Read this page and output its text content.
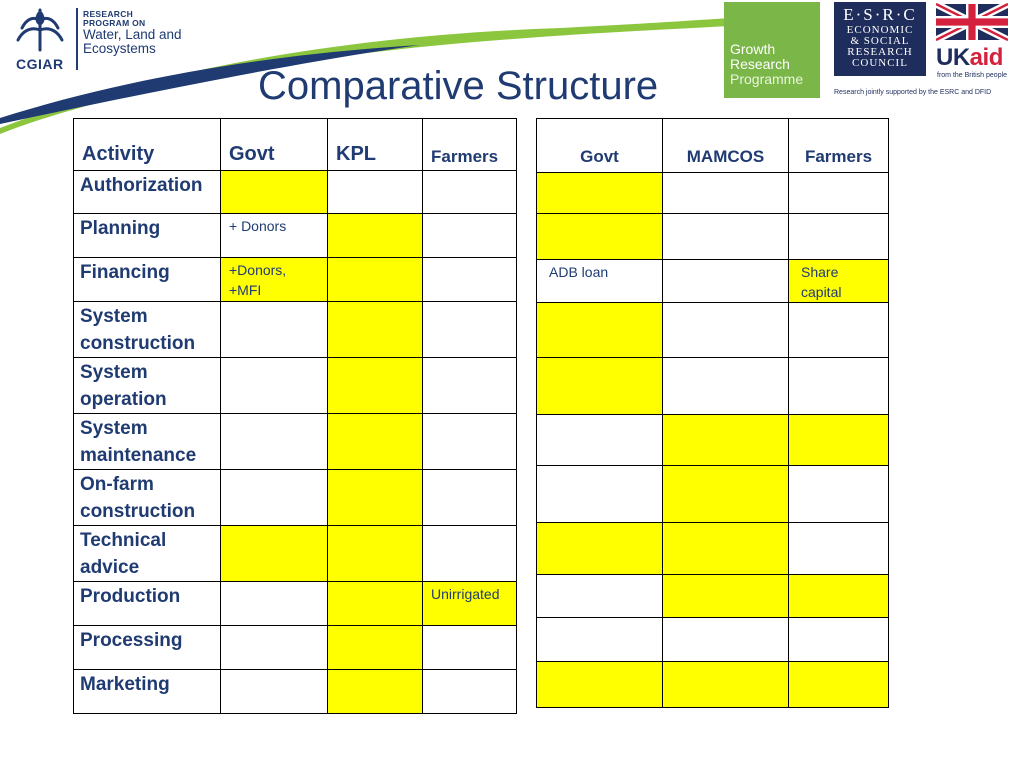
CGIAR
RESEARCH
PROGRAM ON
Water, Land and
Ecosystems
Comparative Structure
Growth
Research
Programme
E·S·R·C
ECONOMIC
& SOCIAL
RESEARCH
COUNCIL	UKaid
from the British people
Research jointly supported by the ESRC and DFID
Activity	Govt	KPL	Farmers

Authorization			

Planning	+ Donors		

Financing	+Donors,
+MFI		

System construction			

System operation			

System maintenance			

On-farm construction			

Technical advice			

Production			Unirrigated

Processing			

Marketing			

Govt	MAMCOS	Farmers

ADB loan		Share
capital
